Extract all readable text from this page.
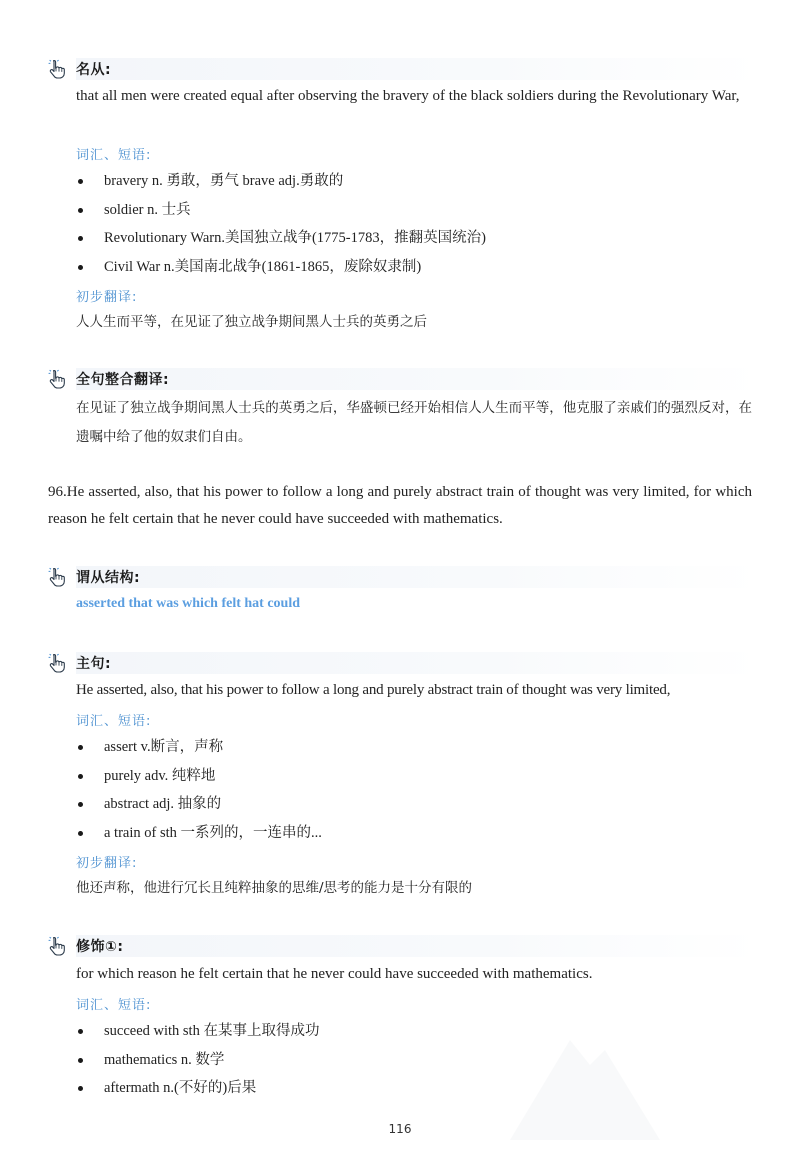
名从:
that all men were created equal after observing the bravery of the black soldiers during the Revolutionary War,
词汇、短语:
bravery n. 勇敢，勇气 brave adj.勇敢的
soldier n. 士兵
Revolutionary Warn.美国独立战争(1775-1783，推翻英国统治)
Civil War n.美国南北战争(1861-1865，废除奴隶制)
初步翻译:
人人生而平等，在见证了独立战争期间黑人士兵的英勇之后
全句整合翻译:
在见证了独立战争期间黑人士兵的英勇之后，华盛顿已经开始相信人人生而平等，他克服了亲戚们的强烈反对，在遗嘱中给了他的奴隶们自由。
96.He asserted, also, that his power to follow a long and purely abstract train of thought was very limited, for which reason he felt certain that he never could have succeeded with mathematics.
谓从结构:
asserted that was which felt hat could
主句:
He asserted, also, that his power to follow a long and purely abstract train of thought was very limited,
词汇、短语:
assert v.断言，声称
purely adv. 纯粹地
abstract adj. 抽象的
a train of sth 一系列的，一连串的...
初步翻译:
他还声称，他进行冗长且纯粹抽象的思维/思考的能力是十分有限的
修饰①:
for which reason he felt certain that he never could have succeeded with mathematics.
词汇、短语:
succeed with sth 在某事上取得成功
mathematics n. 数学
aftermath n.(不好的)后果
116
